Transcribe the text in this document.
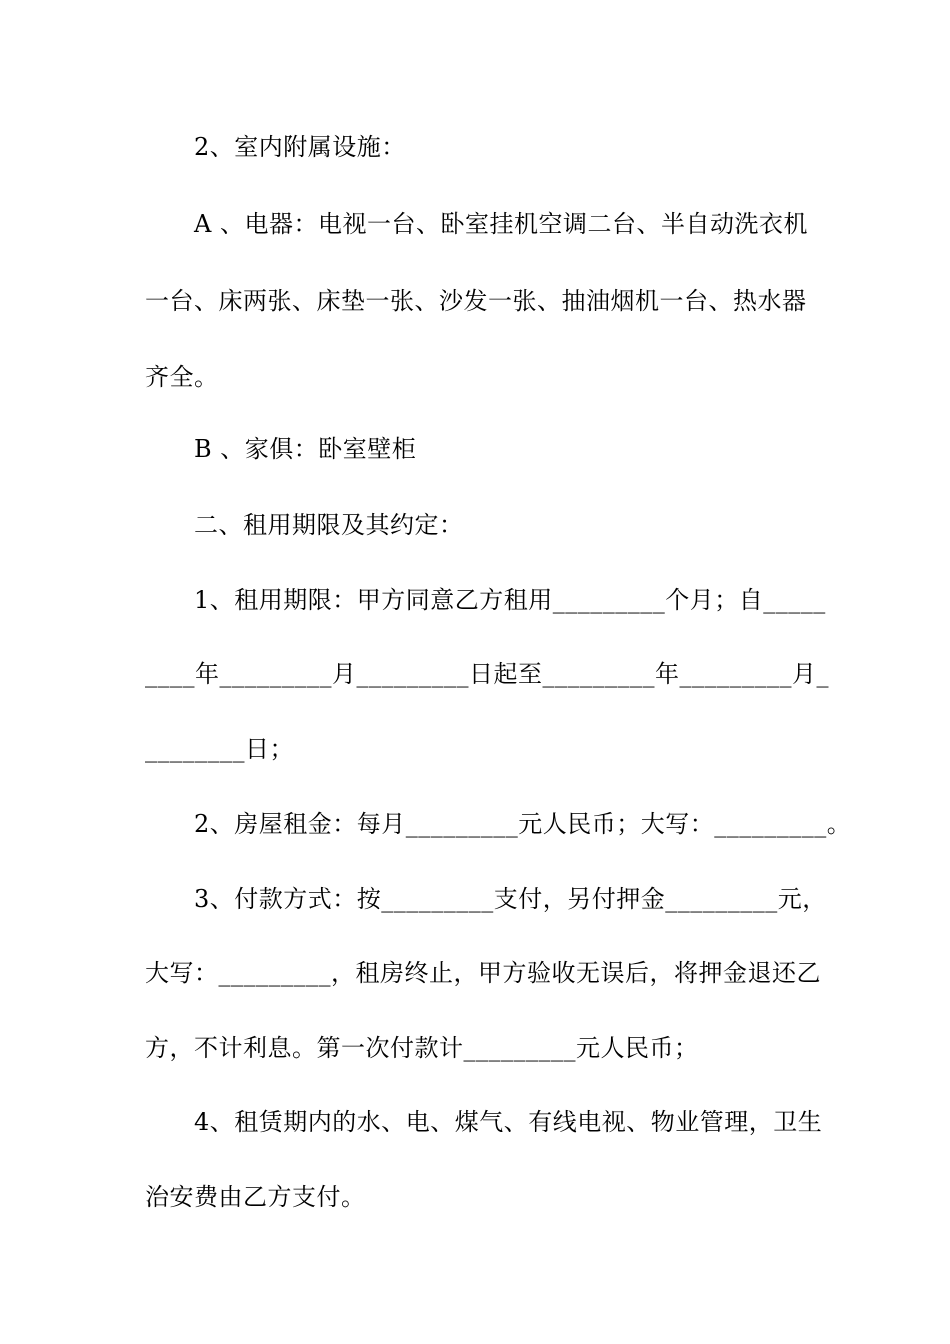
　　2、室内附属设施：
　　A 、电器：电视一台、卧室挂机空调二台、半自动洗衣机
一台、床两张、床垫一张、沙发一张、抽油烟机一台、热水器
齐全。
　　B 、家俱：卧室壁柜
　　二、租用期限及其约定：
　　1、租用期限：甲方同意乙方租用_________个月；自_____
____年_________月_________日起至_________年_________月_
________日；
　　2、房屋租金：每月_________元人民币；大写：_________。
　　3、付款方式：按_________支付，另付押金_________元，
大写：_________，租房终止，甲方验收无误后，将押金退还乙
方，不计利息。第一次付款计_________元人民币；
　　4、租赁期内的水、电、煤气、有线电视、物业管理，卫生
治安费由乙方支付。
